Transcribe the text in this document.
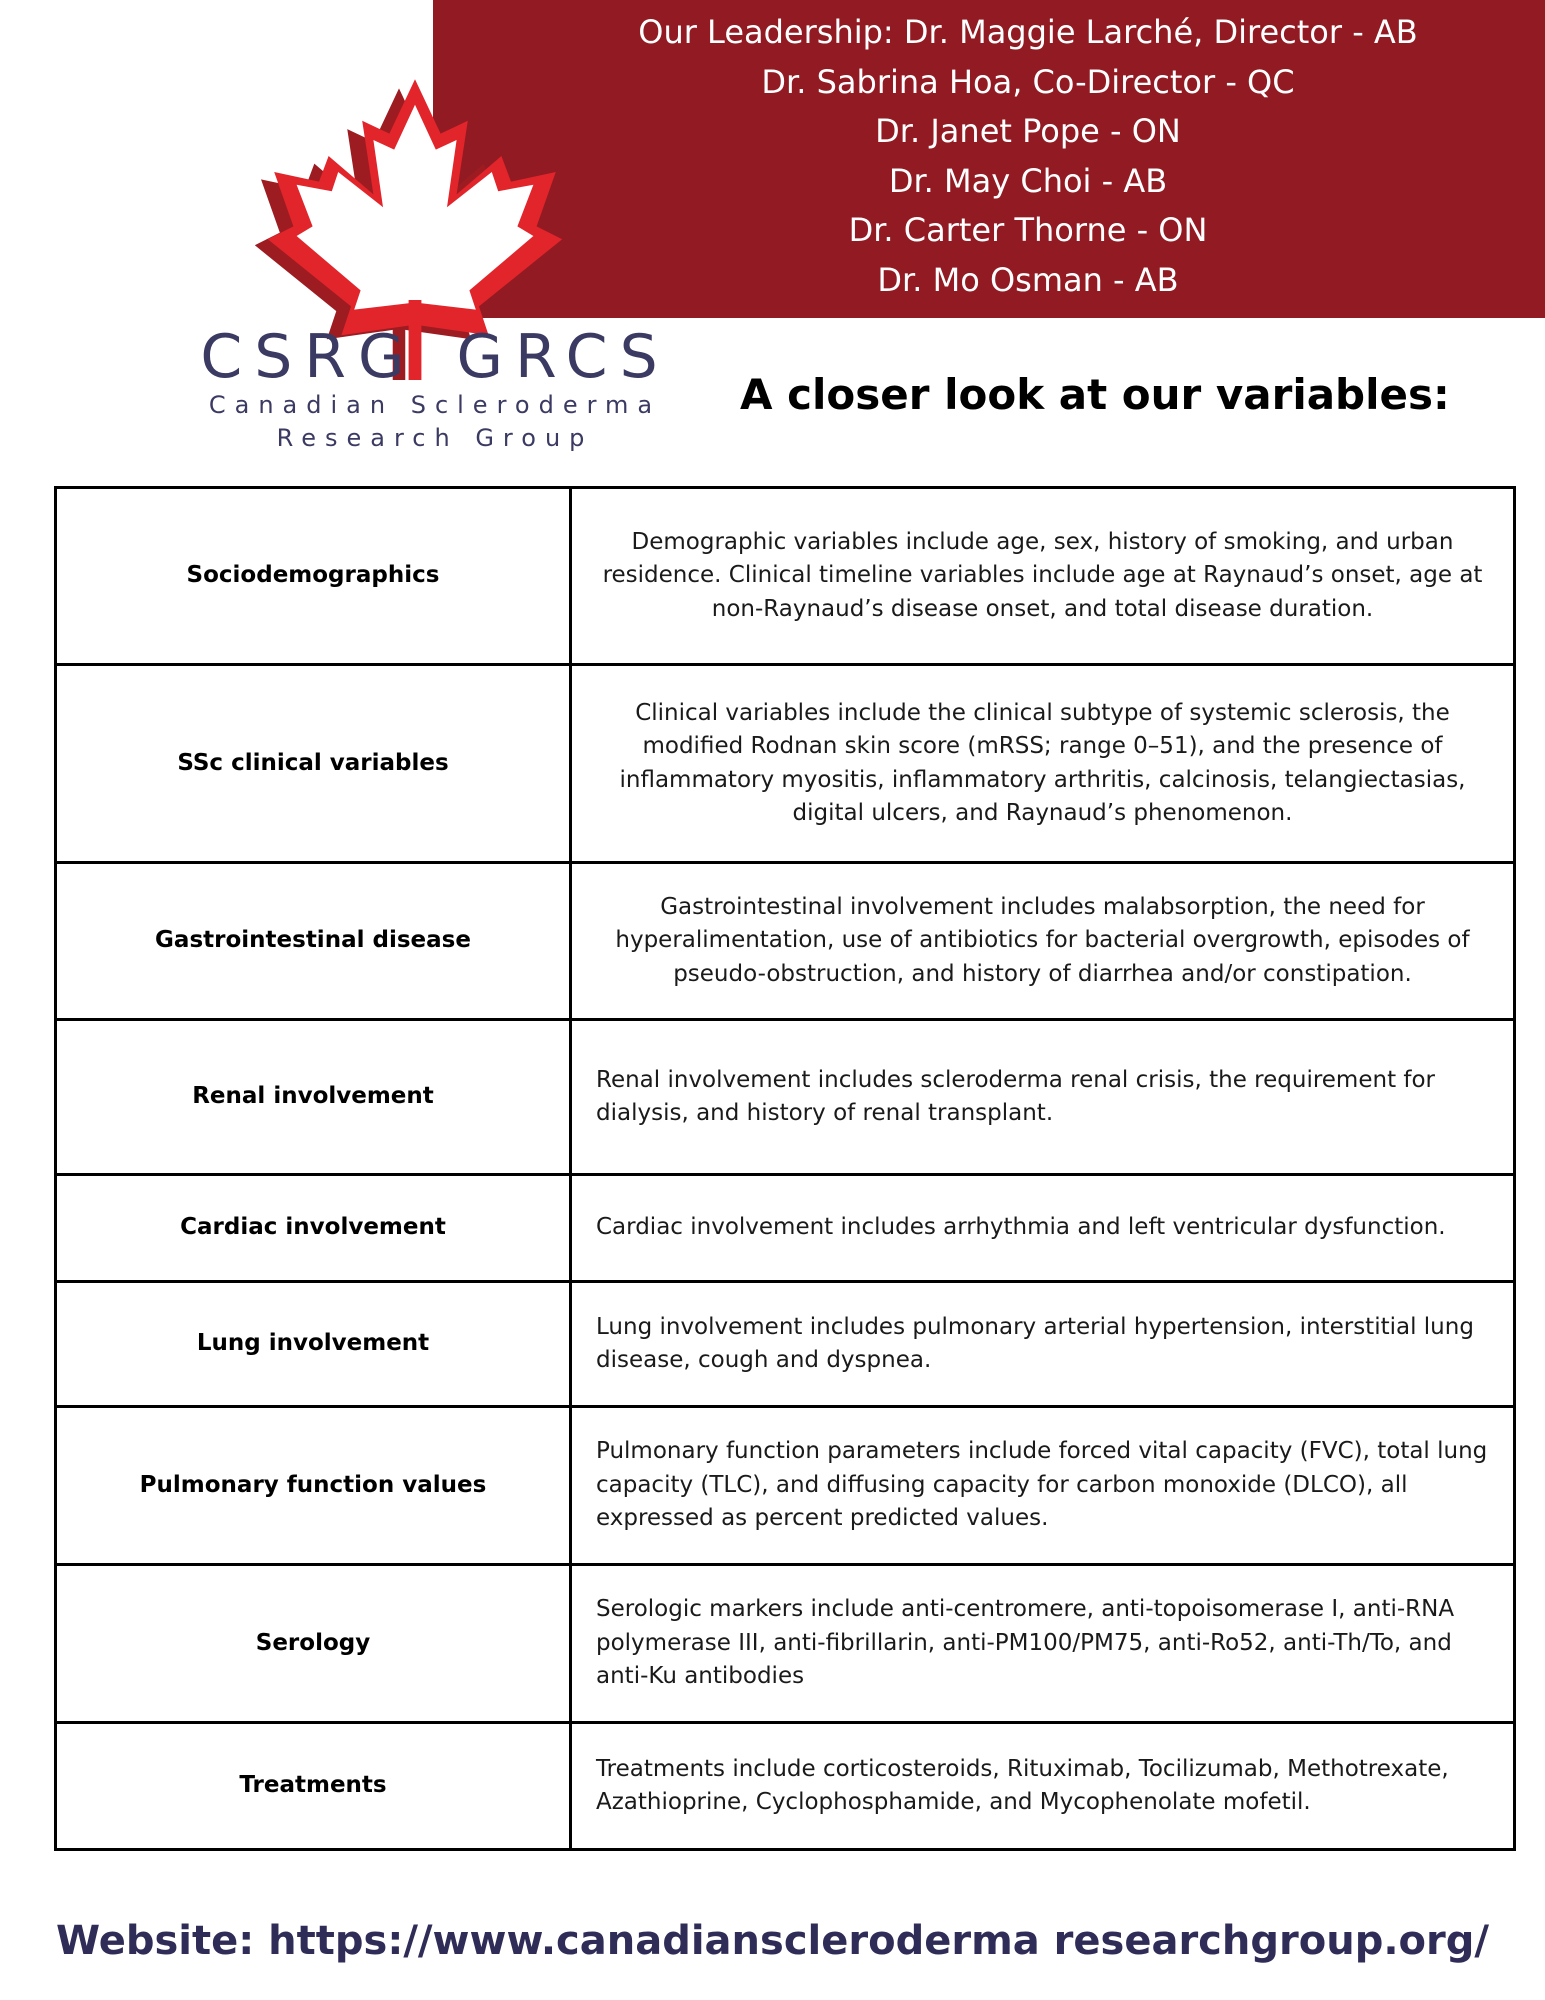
Our Leadership: Dr. Maggie Larché, Director - AB
Dr. Sabrina Hoa, Co-Director - QC
Dr. Janet Pope - ON
Dr. May Choi - AB
Dr. Carter Thorne - ON
Dr. Mo Osman - AB
CSRG GRCS
Canadian Scleroderma
Research Group
A closer look at our variables:
Sociodemographics	Demographic variables include age, sex, history of smoking, and urban residence. Clinical timeline variables include age at Raynaud’s onset, age at non-Raynaud’s disease onset, and total disease duration.
SSc clinical variables	Clinical variables include the clinical subtype of systemic sclerosis, the modified Rodnan skin score (mRSS; range 0–51), and the presence of inflammatory myositis, inflammatory arthritis, calcinosis, telangiectasias, digital ulcers, and Raynaud’s phenomenon.
Gastrointestinal disease	Gastrointestinal involvement includes malabsorption, the need for hyperalimentation, use of antibiotics for bacterial overgrowth, episodes of pseudo-obstruction, and history of diarrhea and/or constipation.
Renal involvement	Renal involvement includes scleroderma renal crisis, the requirement for dialysis, and history of renal transplant.
Cardiac involvement	Cardiac involvement includes arrhythmia and left ventricular dysfunction.
Lung involvement	Lung involvement includes pulmonary arterial hypertension, interstitial lung disease, cough and dyspnea.
Pulmonary function values	Pulmonary function parameters include forced vital capacity (FVC), total lung capacity (TLC), and diffusing capacity for carbon monoxide (DLCO), all expressed as percent predicted values.
Serology	Serologic markers include anti-centromere, anti-topoisomerase I, anti-RNA polymerase III, anti-fibrillarin, anti-PM100/PM75, anti-Ro52, anti-Th/To, and anti-Ku antibodies
Treatments	Treatments include corticosteroids, Rituximab, Tocilizumab, Methotrexate, Azathioprine, Cyclophosphamide, and Mycophenolate mofetil.
Website: https://www.canadianscleroderma researchgroup.org/
